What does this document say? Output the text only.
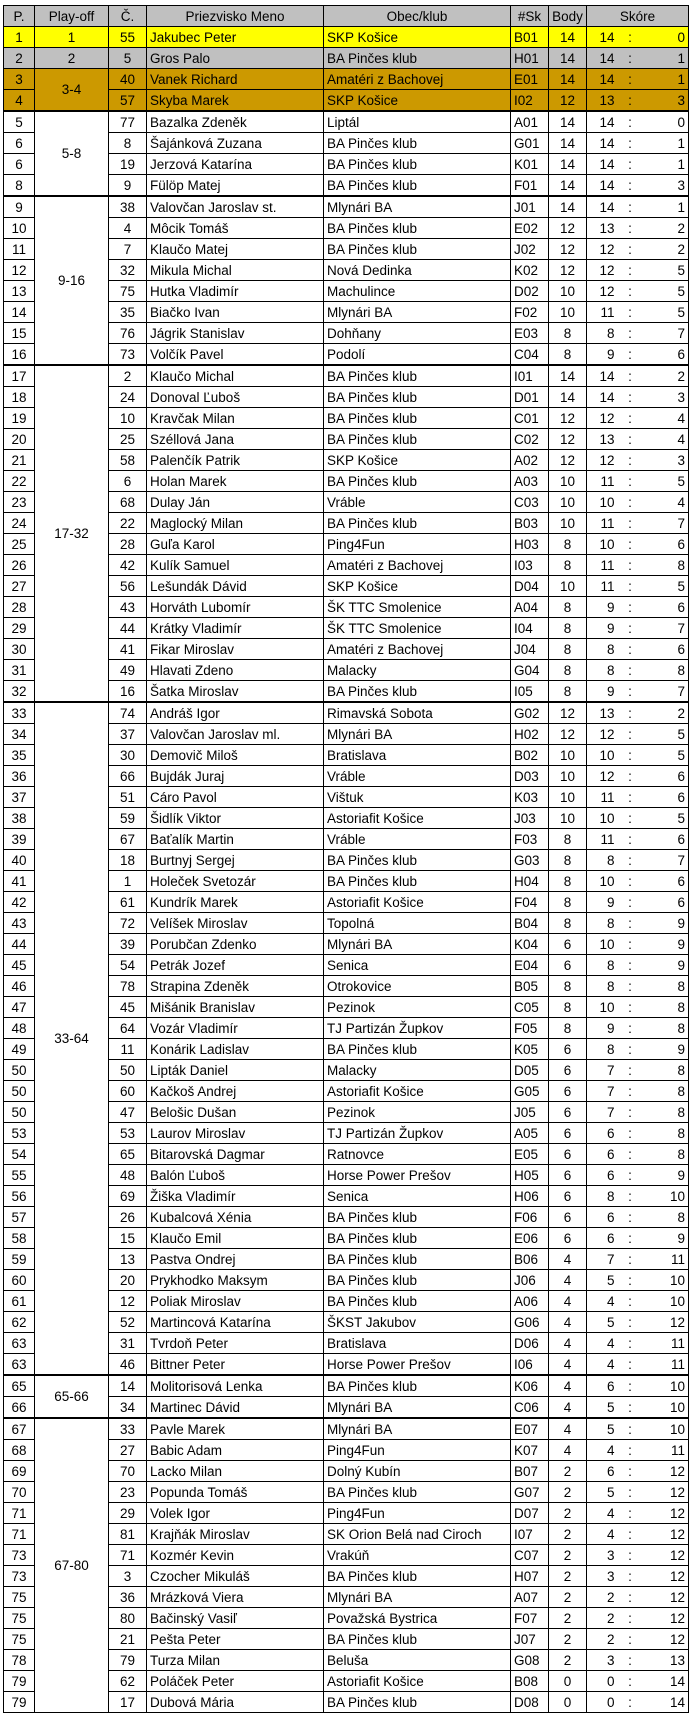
P.	Play-off	Č.	Priezvisko Meno	Obec/klub	#Sk	Body	Skóre		
1	1	55	Jakubec Peter	SKP Košice	B01	14	14	:	0
2	2	5	Gros Palo	BA Pinčes klub	H01	14	14	:	1
3	3-4	40	Vanek Richard	Amatéri z Bachovej	E01	14	14	:	1
4		57	Skyba Marek	SKP Košice	I02	12	13	:	3
5	5-8	77	Bazalka Zdeněk	Liptál	A01	14	14	:	0
6		8	Šajánková Zuzana	BA Pinčes klub	G01	14	14	:	1
6		19	Jerzová Katarína	BA Pinčes klub	K01	14	14	:	1
8		9	Fülöp Matej	BA Pinčes klub	F01	14	14	:	3
9	9-16	38	Valovčan Jaroslav st.	Mlynári BA	J01	14	14	:	1
10		4	Môcik Tomáš	BA Pinčes klub	E02	12	13	:	2
11		7	Klaučo Matej	BA Pinčes klub	J02	12	12	:	2
12		32	Mikula Michal	Nová Dedinka	K02	12	12	:	5
13		75	Hutka Vladimír	Machulince	D02	10	12	:	5
14		35	Biačko Ivan	Mlynári BA	F02	10	11	:	5
15		76	Jágrik Stanislav	Dohňany	E03	8	8	:	7
16		73	Volčík Pavel	Podolí	C04	8	9	:	6
17	17-32	2	Klaučo Michal	BA Pinčes klub	I01	14	14	:	2
18		24	Donoval Ľuboš	BA Pinčes klub	D01	14	14	:	3
19		10	Kravčak Milan	BA Pinčes klub	C01	12	12	:	4
20		25	Széllová Jana	BA Pinčes klub	C02	12	13	:	4
21		58	Palenčík Patrik	SKP Košice	A02	12	12	:	3
22		6	Holan Marek	BA Pinčes klub	A03	10	11	:	5
23		68	Dulay Ján	Vráble	C03	10	10	:	4
24		22	Maglocký Milan	BA Pinčes klub	B03	10	11	:	7
25		28	Guľa Karol	Ping4Fun	H03	8	10	:	6
26		42	Kulík Samuel	Amatéri z Bachovej	I03	8	11	:	8
27		56	Lešundák Dávid	SKP Košice	D04	10	11	:	5
28		43	Horváth Lubomír	ŠK TTC Smolenice	A04	8	9	:	6
29		44	Krátky Vladimír	ŠK TTC Smolenice	I04	8	9	:	7
30		41	Fikar Miroslav	Amatéri z Bachovej	J04	8	8	:	6
31		49	Hlavati Zdeno	Malacky	G04	8	8	:	8
32		16	Šatka Miroslav	BA Pinčes klub	I05	8	9	:	7
33	33-64	74	Andráš Igor	Rimavská Sobota	G02	12	13	:	2
34		37	Valovčan Jaroslav ml.	Mlynári BA	H02	12	12	:	5
35		30	Demovič Miloš	Bratislava	B02	10	10	:	5
36		66	Bujdák Juraj	Vráble	D03	10	12	:	6
37		51	Cáro Pavol	Vištuk	K03	10	11	:	6
38		59	Šidlík Viktor	Astoriafit Košice	J03	10	10	:	5
39		67	Baťalík Martin	Vráble	F03	8	11	:	6
40		18	Burtnyj Sergej	BA Pinčes klub	G03	8	8	:	7
41		1	Holeček Svetozár	BA Pinčes klub	H04	8	10	:	6
42		61	Kundrík Marek	Astoriafit Košice	F04	8	9	:	6
43		72	Velíšek Miroslav	Topolná	B04	8	8	:	9
44		39	Porubčan Zdenko	Mlynári BA	K04	6	10	:	9
45		54	Petrák Jozef	Senica	E04	6	8	:	9
46		78	Strapina Zdeněk	Otrokovice	B05	8	8	:	8
47		45	Mišánik Branislav	Pezinok	C05	8	10	:	8
48		64	Vozár Vladimír	TJ Partizán Župkov	F05	8	9	:	8
49		11	Konárik Ladislav	BA Pinčes klub	K05	6	8	:	9
50		50	Lipták Daniel	Malacky	D05	6	7	:	8
50		60	Kačkoš Andrej	Astoriafit Košice	G05	6	7	:	8
50		47	Belošic Dušan	Pezinok	J05	6	7	:	8
53		53	Laurov Miroslav	TJ Partizán Župkov	A05	6	6	:	8
54		65	Bitarovská Dagmar	Ratnovce	E05	6	6	:	8
55		48	Balón Ľuboš	Horse Power Prešov	H05	6	6	:	9
56		69	Žiška Vladimír	Senica	H06	6	8	:	10
57		26	Kubalcová Xénia	BA Pinčes klub	F06	6	6	:	8
58		15	Klaučo Emil	BA Pinčes klub	E06	6	6	:	9
59		13	Pastva Ondrej	BA Pinčes klub	B06	4	7	:	11
60		20	Prykhodko Maksym	BA Pinčes klub	J06	4	5	:	10
61		12	Poliak Miroslav	BA Pinčes klub	A06	4	4	:	10
62		52	Martincová Katarína	ŠKST Jakubov	G06	4	5	:	12
63		31	Tvrdoň Peter	Bratislava	D06	4	4	:	11
63		46	Bittner Peter	Horse Power Prešov	I06	4	4	:	11
65	65-66	14	Molitorisová Lenka	BA Pinčes klub	K06	4	6	:	10
66		34	Martinec Dávid	Mlynári BA	C06	4	5	:	10
67	67-80	33	Pavle Marek	Mlynári BA	E07	4	5	:	10
68		27	Babic Adam	Ping4Fun	K07	4	4	:	11
69		70	Lacko Milan	Dolný Kubín	B07	2	6	:	12
70		23	Popunda Tomáš	BA Pinčes klub	G07	2	5	:	12
71		29	Volek Igor	Ping4Fun	D07	2	4	:	12
71		81	Krajňák Miroslav	SK Orion Belá nad Ciroch	I07	2	4	:	12
73		71	Kozmér Kevin	Vrakúň	C07	2	3	:	12
73		3	Czocher Mikuláš	BA Pinčes klub	H07	2	3	:	12
75		36	Mrázková Viera	Mlynári BA	A07	2	2	:	12
75		80	Bačinský Vasiľ	Považská Bystrica	F07	2	2	:	12
75		21	Pešta Peter	BA Pinčes klub	J07	2	2	:	12
78		79	Turza Milan	Beluša	G08	2	3	:	13
79		62	Poláček Peter	Astoriafit Košice	B08	0	0	:	14
79		17	Dubová Mária	BA Pinčes klub	D08	0	0	:	14
